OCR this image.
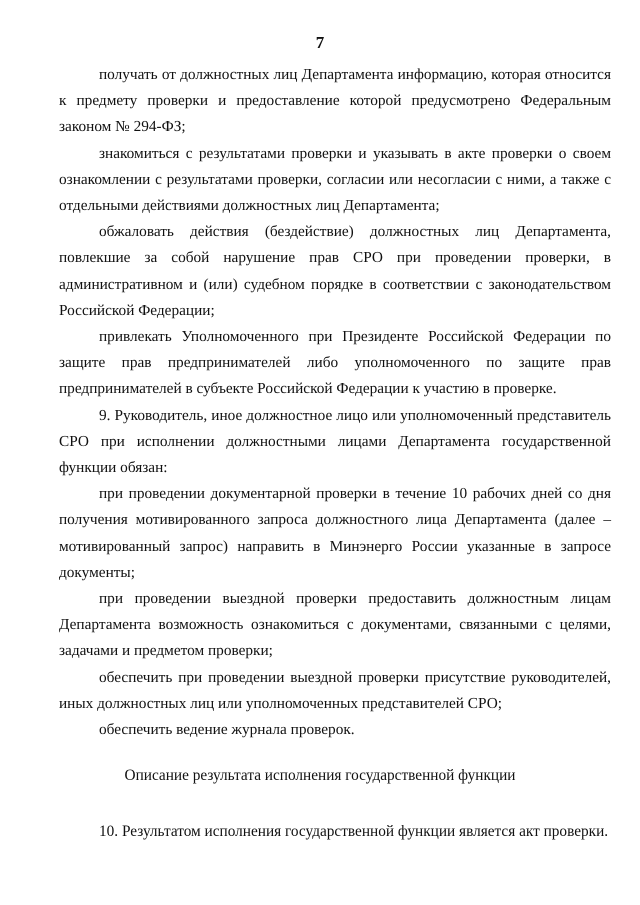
7

получать от должностных лиц Департамента информацию, которая относится к предмету проверки и предоставление которой предусмотрено Федеральным законом № 294-ФЗ;

знакомиться с результатами проверки и указывать в акте проверки о своем ознакомлении с результатами проверки, согласии или несогласии с ними, а также с отдельными действиями должностных лиц Департамента;

обжаловать действия (бездействие) должностных лиц Департамента, повлекшие за собой нарушение прав СРО при проведении проверки, в административном и (или) судебном порядке в соответствии с законодательством Российской Федерации;

привлекать Уполномоченного при Президенте Российской Федерации по защите прав предпринимателей либо уполномоченного по защите прав предпринимателей в субъекте Российской Федерации к участию в проверке.

9. Руководитель, иное должностное лицо или уполномоченный представитель СРО при исполнении должностными лицами Департамента государственной функции обязан:

при проведении документарной проверки в течение 10 рабочих дней со дня получения мотивированного запроса должностного лица Департамента (далее – мотивированный запрос) направить в Минэнерго России указанные в запросе документы;

при проведении выездной проверки предоставить должностным лицам Департамента возможность ознакомиться с документами, связанными с целями, задачами и предметом проверки;

обеспечить при проведении выездной проверки присутствие руководителей, иных должностных лиц или уполномоченных представителей СРО;

обеспечить ведение журнала проверок.

Описание результата исполнения государственной функции

10. Результатом исполнения государственной функции является акт проверки.
